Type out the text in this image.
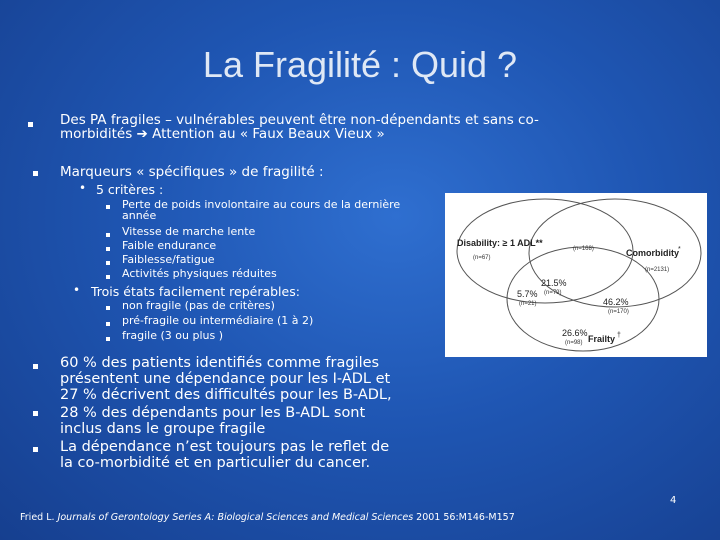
La Fragilité : Quid ?
Des PA fragiles – vulnérables peuvent être non-dépendants et sans co-
morbidités ➔ Attention au « Faux Beaux Vieux »
Marqueurs « spécifiques » de fragilité :
• 5 critères :
Perte de poids involontaire au cours de la dernière
année
Vitesse de marche lente
Faible endurance
Faiblesse/fatigue
Activités physiques réduites
• Trois états facilement repérables:
non fragile (pas de critères)
pré-fragile ou intermédiaire (1 à 2)
fragile (3 ou plus )
Disability: ≥ 1 ADL**
Comorbidity *
Frailty †
(n=67)
(n=168)
(n=2131)
21.5%
(n=79)
5.7%
(n=21)	46.2%
(n=170)
26.6%
(n=98)
60 % des patients identifiés comme fragiles
présentent une dépendance pour les I-ADL et
27 % décrivent des difficultés pour les B-ADL,
28 % des dépendants pour les B-ADL sont
inclus dans le groupe fragile
La dépendance n’est toujours pas le reflet de
la co-morbidité et en particulier du cancer.
4
Fried L. Journals of Gerontology Series A: Biological Sciences and Medical Sciences 2001 56:M146-M157
